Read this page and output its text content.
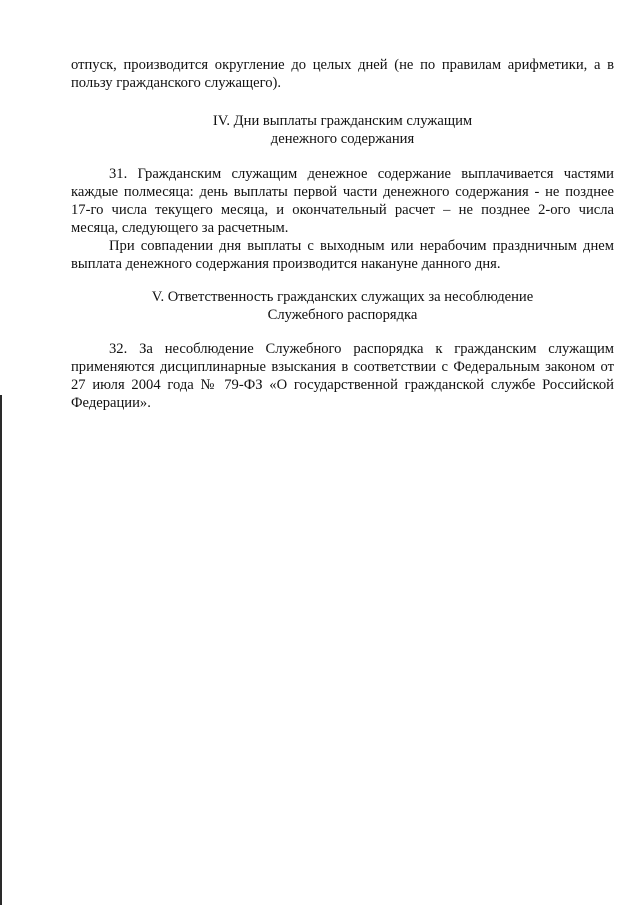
отпуск, производится округление до целых дней (не по правилам арифметики, а в пользу гражданского служащего).

IV. Дни выплаты гражданским служащим
денежного содержания

31. Гражданским служащим денежное содержание выплачивается частями каждые полмесяца: день выплаты первой части денежного содержания - не позднее 17-го числа текущего месяца, и окончательный расчет – не позднее 2-ого числа месяца, следующего за расчетным.

При совпадении дня выплаты с выходным или нерабочим праздничным днем выплата денежного содержания производится накануне данного дня.

V. Ответственность гражданских служащих за несоблюдение
Служебного распорядка

32. За несоблюдение Служебного распорядка к гражданским служащим применяются дисциплинарные взыскания в соответствии с Федеральным законом от 27 июля 2004 года № 79-ФЗ «О государственной гражданской службе Российской Федерации».
